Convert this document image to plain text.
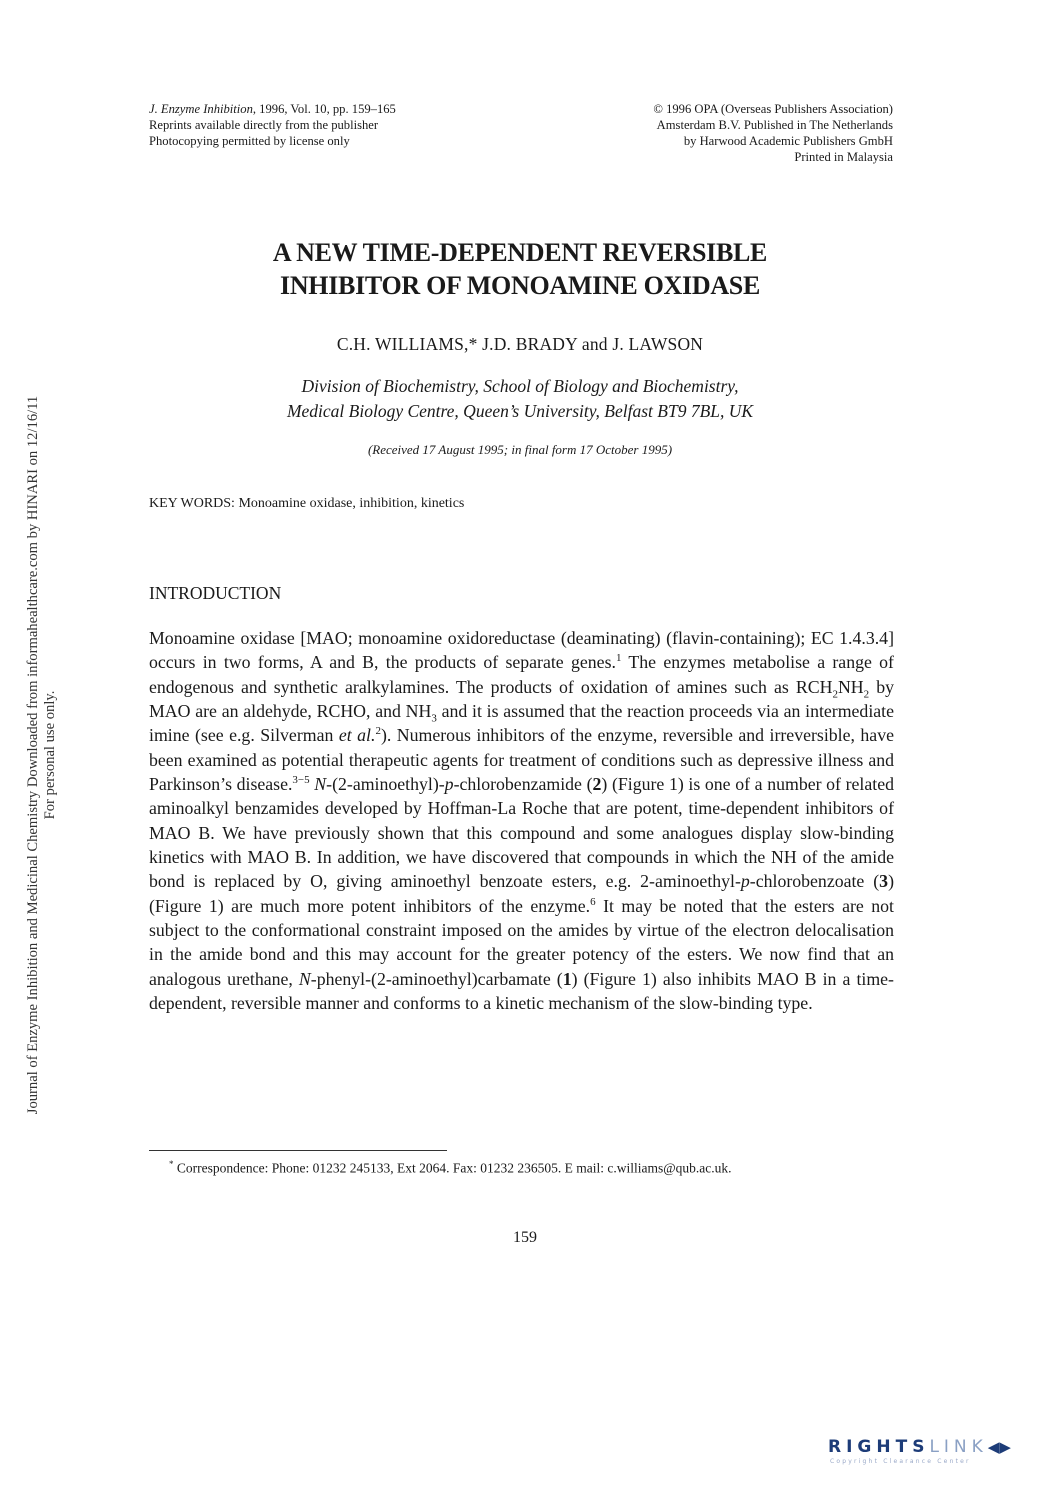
J. Enzyme Inhibition, 1996, Vol. 10, pp. 159–165
Reprints available directly from the publisher
Photocopying permitted by license only
© 1996 OPA (Overseas Publishers Association)
Amsterdam B.V. Published in The Netherlands
by Harwood Academic Publishers GmbH
Printed in Malaysia
A NEW TIME-DEPENDENT REVERSIBLE
INHIBITOR OF MONOAMINE OXIDASE
C.H. WILLIAMS,* J.D. BRADY and J. LAWSON
Division of Biochemistry, School of Biology and Biochemistry,
Medical Biology Centre, Queen’s University, Belfast BT9 7BL, UK
(Received 17 August 1995; in final form 17 October 1995)
KEY WORDS: Monoamine oxidase, inhibition, kinetics
INTRODUCTION
Monoamine oxidase [MAO; monoamine oxidoreductase (deaminating) (flavin-containing); EC 1.4.3.4] occurs in two forms, A and B, the products of separate genes.$^1$ The enzymes metabolise a range of endogenous and synthetic aralkylamines. The products of oxidation of amines such as $RCH_2NH_2$ by MAO are an aldehyde, RCHO, and $NH_3$ and it is assumed that the reaction proceeds via an intermediate imine (see e.g. Silverman et al.$^2$). Numerous inhibitors of the enzyme, reversible and irreversible, have been examined as potential therapeutic agents for treatment of conditions such as depressive illness and Parkinson’s disease.$^{3-5}$ N-(2-aminoethyl)-p-chlorobenzamide (2) (Figure 1) is one of a number of related aminoalkyl benzamides developed by Hoffman-La Roche that are potent, time-dependent inhibitors of MAO B. We have previously shown that this compound and some analogues display slow-binding kinetics with MAO B. In addition, we have discovered that compounds in which the NH of the amide bond is replaced by O, giving aminoethyl benzoate esters, e.g. 2-aminoethyl-p-chlorobenzoate (3) (Figure 1) are much more potent inhibitors of the enzyme.$^6$ It may be noted that the esters are not subject to the conformational constraint imposed on the amides by virtue of the electron delocalisation in the amide bond and this may account for the greater potency of the esters. We now find that an analogous urethane, N-phenyl-(2-aminoethyl)carbamate (1) (Figure 1) also inhibits MAO B in a time-dependent, reversible manner and conforms to a kinetic mechanism of the slow-binding type.
* Correspondence: Phone: 01232 245133, Ext 2064. Fax: 01232 236505. E mail: c.williams@qub.ac.uk.
159
Journal of Enzyme Inhibition and Medicinal Chemistry Downloaded from informahealthcare.com by HINARI on 12/16/11 For personal use only.
RIGHTSLINK◀▶
Copyright Clearance Center
